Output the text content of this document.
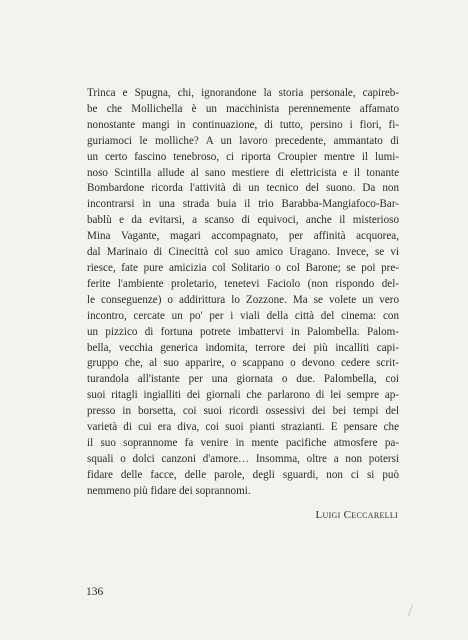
Trinca e Spugna, chi, ignorandone la storia personale, capireb-
be che Mollichella è un macchinista perennemente affamato
nonostante mangi in continuazione, di tutto, persino i fiori, fi-
guriamoci le molliche? A un lavoro precedente, ammantato di
un certo fascino tenebroso, ci riporta Croupier mentre il lumi-
noso Scintilla allude al sano mestiere di elettricista e il tonante
Bombardone ricorda l'attività di un tecnico del suono. Da non
incontrarsi in una strada buia il trio Barabba-Mangiafoco-Bar-
bablù e da evitarsi, a scanso di equivoci, anche il misterioso
Mina Vagante, magari accompagnato, per affinità acquorea,
dal Marinaio di Cinecittà col suo amico Uragano. Invece, se vi
riesce, fate pure amicizia col Solitario o col Barone; se poi pre-
ferite l'ambiente proletario, tenetevi Faciolo (non rispondo del-
le conseguenze) o addirittura lo Zozzone. Ma se volete un vero
incontro, cercate un po' per i viali della città del cinema: con
un pizzico di fortuna potrete imbattervi in Palombella. Palom-
bella, vecchia generica indomita, terrore dei più incalliti capi-
gruppo che, al suo apparire, o scappano o devono cedere scrit-
turandola all'istante per una giornata o due. Palombella, coi
suoi ritagli ingialliti dei giornali che parlarono di lei sempre ap-
presso in borsetta, coi suoi ricordi ossessivi dei bei tempi del
varietà di cui era diva, coi suoi pianti strazianti. E pensare che
il suo soprannome fa venire in mente pacifiche atmosfere pa-
squali o dolci canzoni d'amore… Insomma, oltre a non potersi
fidare delle facce, delle parole, degli sguardi, non ci si può
nemmeno più fidare dei soprannomi.
Luigi Ceccarelli
136
